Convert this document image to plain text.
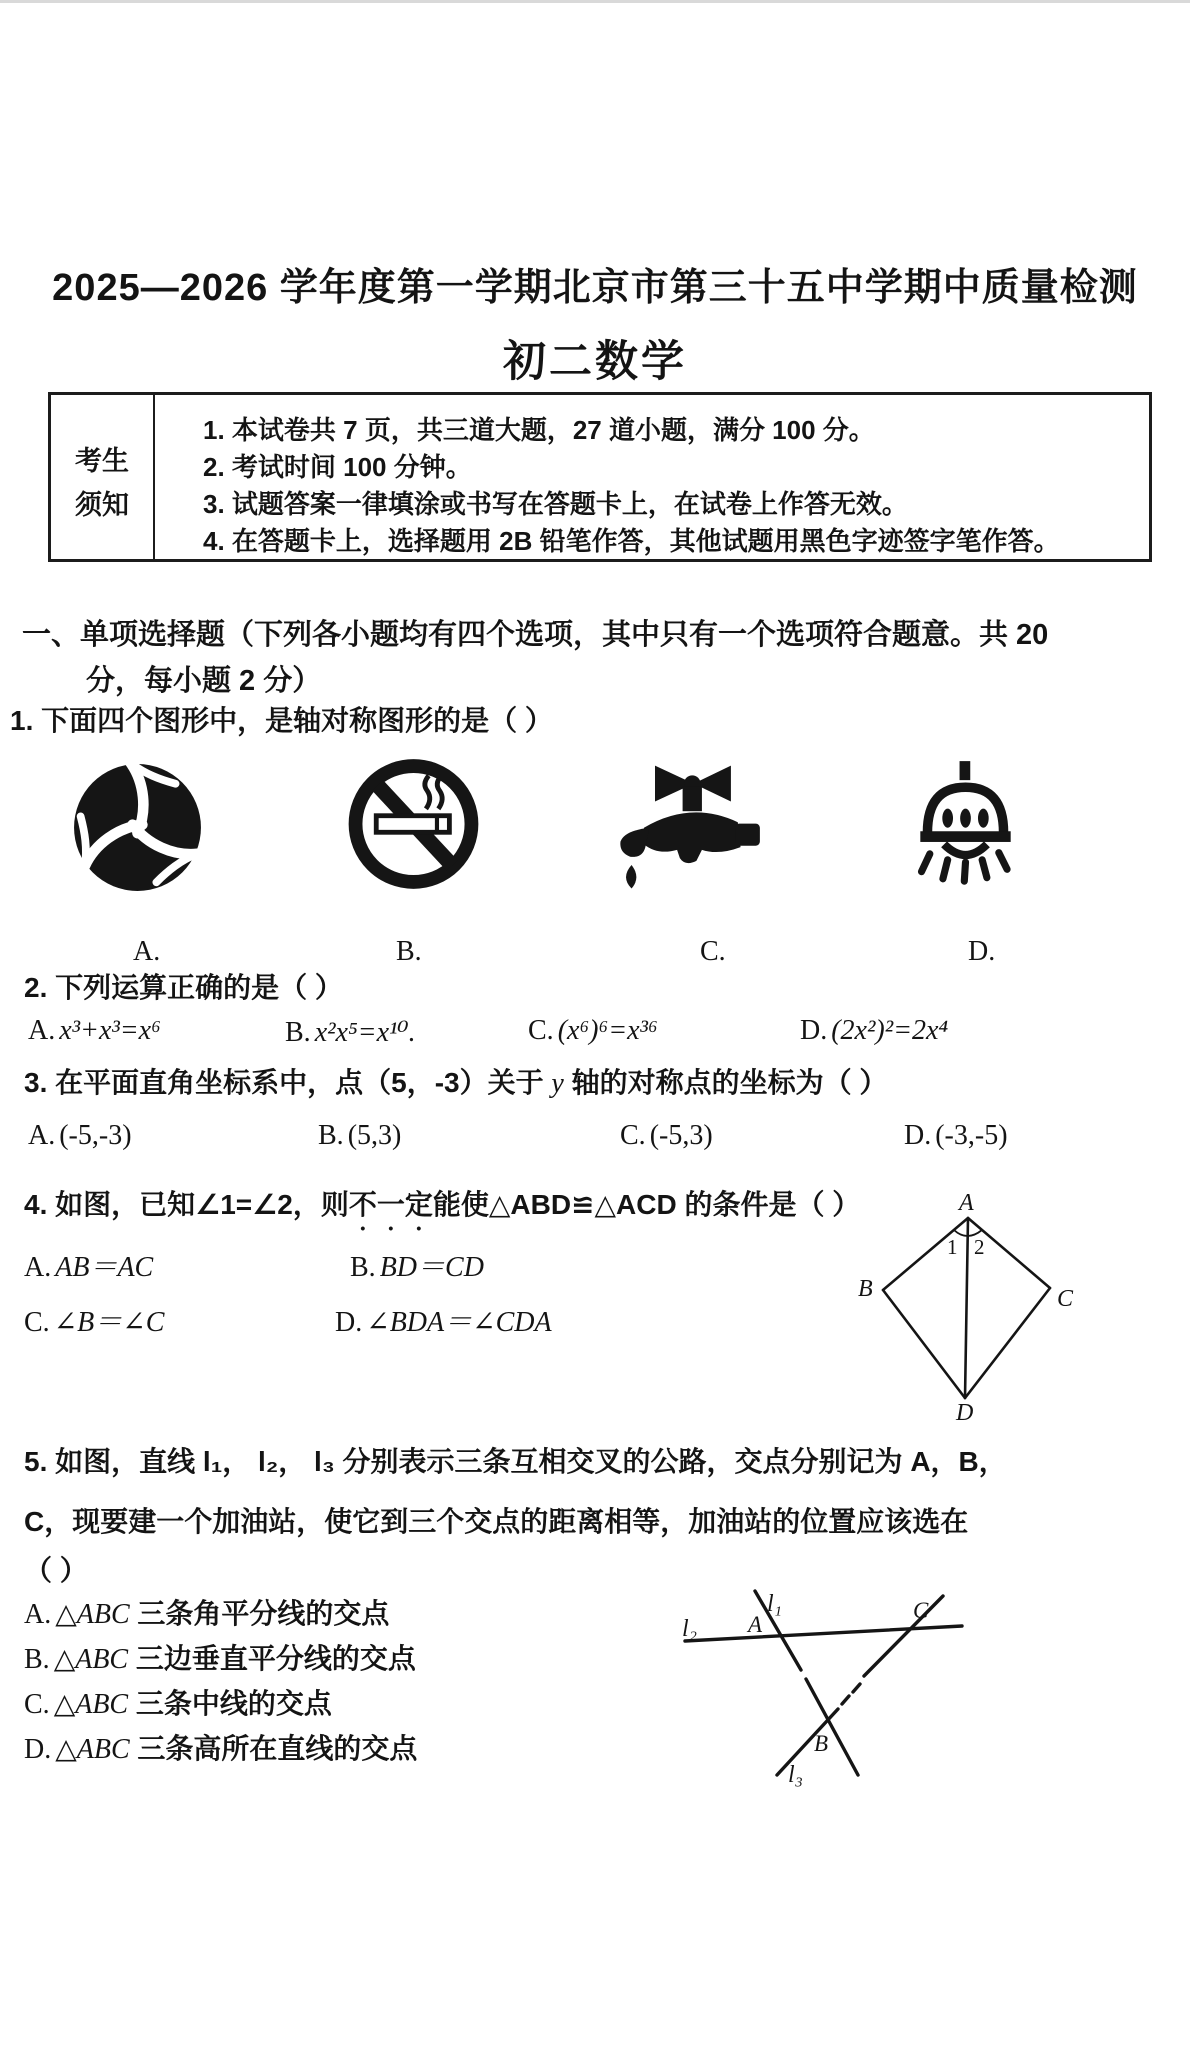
2025—2026 学年度第一学期北京市第三十五中学期中质量检测
初二数学
考生
须知
1. 本试卷共 7 页，共三道大题，27 道小题，满分 100 分。
2. 考试时间 100 分钟。
3. 试题答案一律填涂或书写在答题卡上，在试卷上作答无效。
4. 在答题卡上，选择题用 2B 铅笔作答，其他试题用黑色字迹签字笔作答。
一、单项选择题（下列各小题均有四个选项，其中只有一个选项符合题意。共 20
分，每小题 2 分）
1. 下面四个图形中，是轴对称图形的是（ ）
A.	B.	C.	D.
2. 下列运算正确的是（ ）
A. x³+x³=x⁶	B. x²x⁵=x¹⁰.	C. (x⁶)⁶=x³⁶	D. (2x²)²=2x⁴
3. 在平面直角坐标系中，点（5，-3）关于 y 轴的对称点的坐标为（ ）
A. (-5,-3)	B. (5,3)	C. (-5,3)	D. (-3,-5)
4. 如图，已知∠1=∠2，则不一定能使△ABD≌△ACD 的条件是（ ）
A. AB＝AC	B. BD＝CD
C. ∠B＝∠C	D. ∠BDA＝∠CDA
A
B	C
D
1 2
5. 如图，直线 l₁， l₂， l₃ 分别表示三条互相交叉的公路，交点分别记为 A，B，
C，现要建一个加油站，使它到三个交点的距离相等，加油站的位置应该选在
（ ）
A. △ABC 三条角平分线的交点
B. △ABC 三边垂直平分线的交点
C. △ABC 三条中线的交点
D. △ABC 三条高所在直线的交点
l₁
l₂
l₃
A
B
C
